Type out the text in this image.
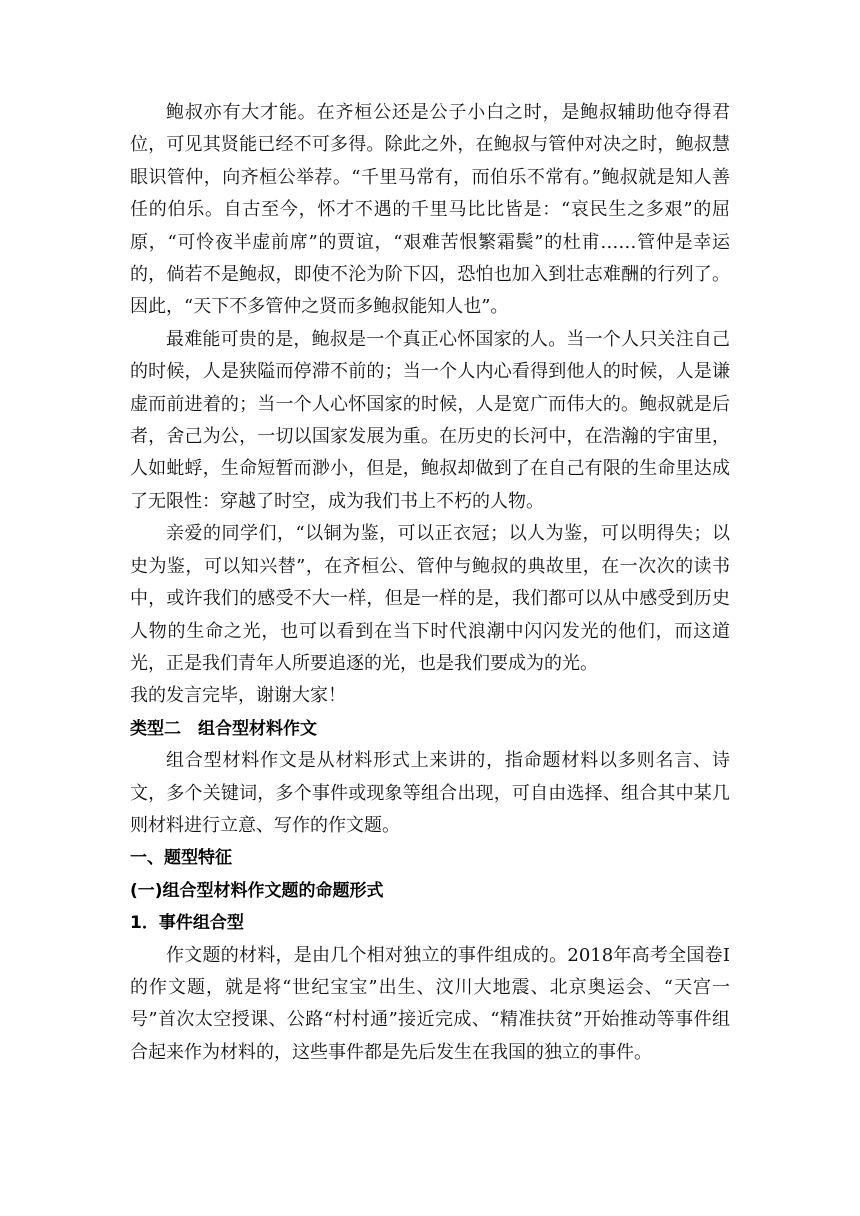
鲍叔亦有大才能。在齐桓公还是公子小白之时，是鲍叔辅助他夺得君位，可见其贤能已经不可多得。除此之外，在鲍叔与管仲对决之时，鲍叔慧眼识管仲，向齐桓公举荐。“千里马常有，而伯乐不常有。”鲍叔就是知人善任的伯乐。自古至今，怀才不遇的千里马比比皆是：“哀民生之多艰”的屈原，“可怜夜半虚前席”的贾谊，“艰难苦恨繁霜鬓”的杜甫……管仲是幸运的，倘若不是鲍叔，即使不沦为阶下囚，恐怕也加入到壮志难酬的行列了。因此，“天下不多管仲之贤而多鲍叔能知人也”。

最难能可贵的是，鲍叔是一个真正心怀国家的人。当一个人只关注自己的时候，人是狭隘而停滞不前的；当一个人内心看得到他人的时候，人是谦虚而前进着的；当一个人心怀国家的时候，人是宽广而伟大的。鲍叔就是后者，舍己为公，一切以国家发展为重。在历史的长河中，在浩瀚的宇宙里，人如蚍蜉，生命短暂而渺小，但是，鲍叔却做到了在自己有限的生命里达成了无限性：穿越了时空，成为我们书上不朽的人物。

亲爱的同学们，“以铜为鉴，可以正衣冠；以人为鉴，可以明得失；以史为鉴，可以知兴替”，在齐桓公、管仲与鲍叔的典故里，在一次次的读书中，或许我们的感受不大一样，但是一样的是，我们都可以从中感受到历史人物的生命之光，也可以看到在当下时代浪潮中闪闪发光的他们，而这道光，正是我们青年人所要追逐的光，也是我们要成为的光。

我的发言完毕，谢谢大家！

类型二　组合型材料作文

组合型材料作文是从材料形式上来讲的，指命题材料以多则名言、诗文，多个关键词，多个事件或现象等组合出现，可自由选择、组合其中某几则材料进行立意、写作的作文题。

一、题型特征

(一)组合型材料作文题的命题形式

1．事件组合型

作文题的材料，是由几个相对独立的事件组成的。2018年高考全国卷Ⅰ的作文题，就是将“世纪宝宝”出生、汶川大地震、北京奥运会、“天宫一号”首次太空授课、公路“村村通”接近完成、“精准扶贫”开始推动等事件组合起来作为材料的，这些事件都是先后发生在我国的独立的事件。
